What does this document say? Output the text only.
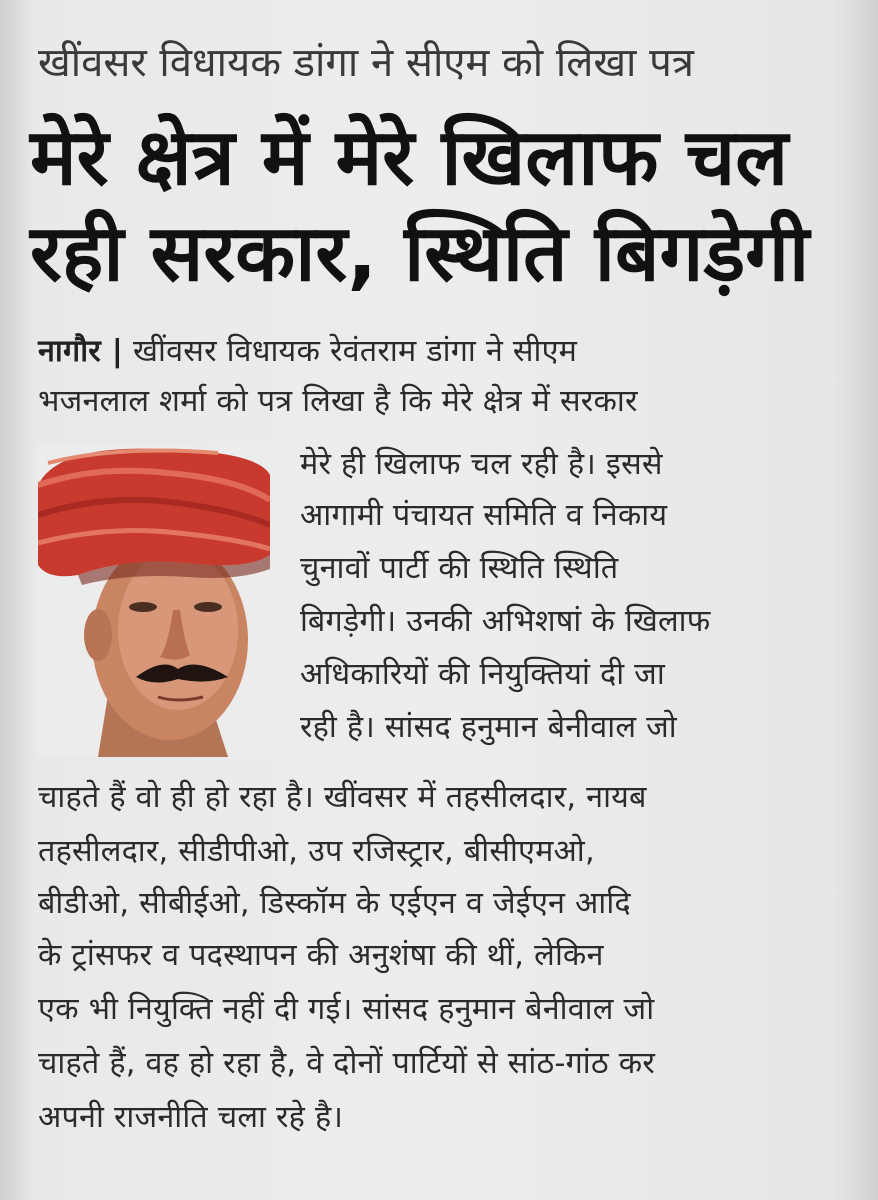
खींवसर विधायक डांगा ने सीएम को लिखा पत्र
मेरे क्षेत्र में मेरे खिलाफ चल
रही सरकार, स्थिति बिगड़ेगी
नागौर | खींवसर विधायक रेवंतराम डांगा ने सीएम
भजनलाल शर्मा को पत्र लिखा है कि मेरे क्षेत्र में सरकार
मेरे ही खिलाफ चल रही है। इससे
आगामी पंचायत समिति व निकाय
चुनावों पार्टी की स्थिति स्थिति
बिगड़ेगी। उनकी अभिशषां के खिलाफ
अधिकारियों की नियुक्तियां दी जा
रही है। सांसद हनुमान बेनीवाल जो
चाहते हैं वो ही हो रहा है। खींवसर में तहसीलदार, नायब
तहसीलदार, सीडीपीओ, उप रजिस्ट्रार, बीसीएमओ,
बीडीओ, सीबीईओ, डिस्कॉम के एईएन व जेईएन आदि
के ट्रांसफर व पदस्थापन की अनुशंषा की थीं, लेकिन
एक भी नियुक्ति नहीं दी गई। सांसद हनुमान बेनीवाल जो
चाहते हैं, वह हो रहा है, वे दोनों पार्टियों से सांठ-गांठ कर
अपनी राजनीति चला रहे है।
